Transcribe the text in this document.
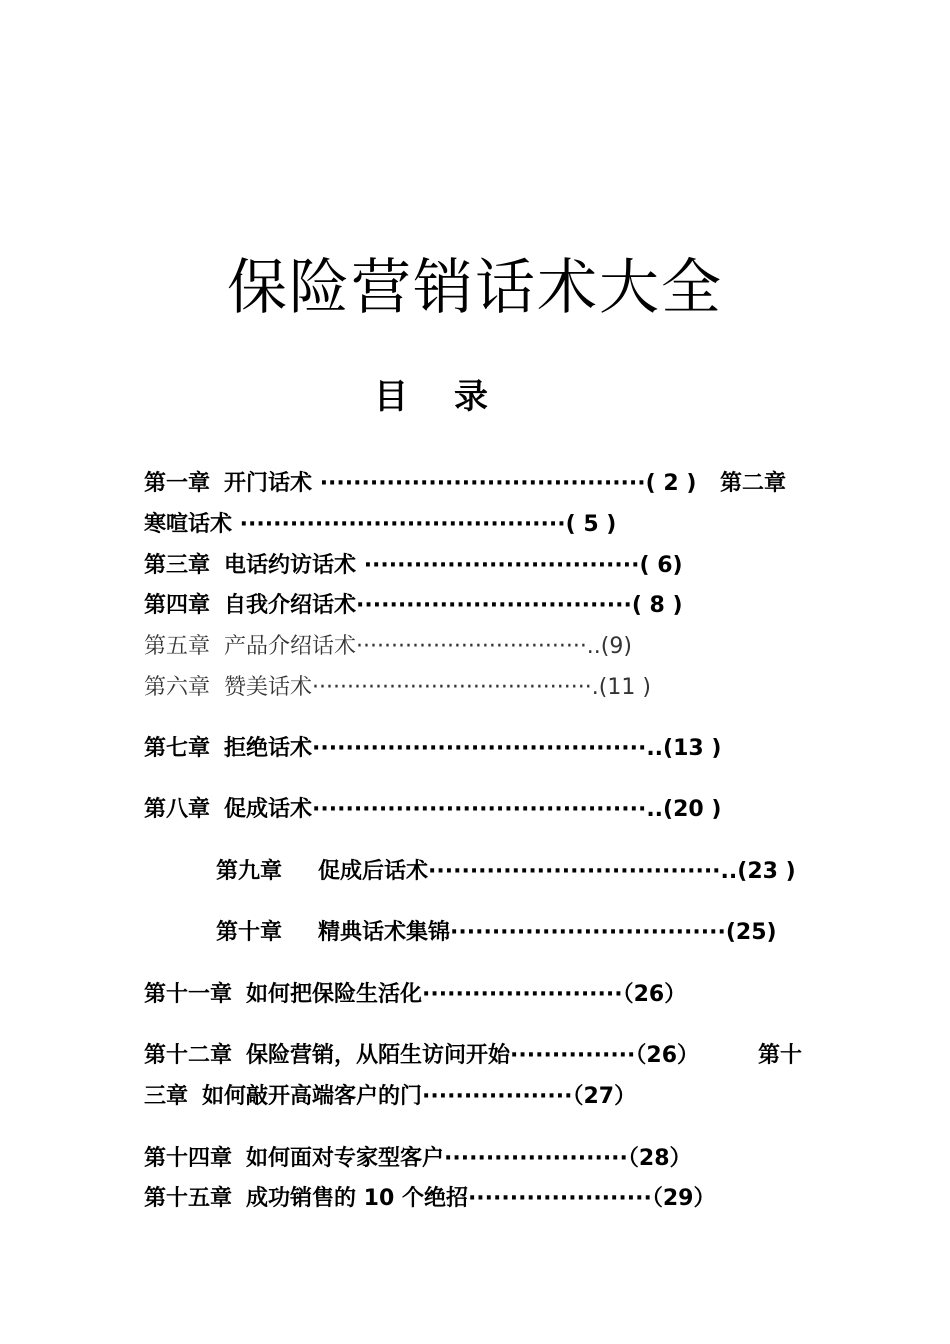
保险营销话术大全
目 录
第一章 开门话术 ·······································( 2 ) 第二章
寒喧话术 ·······································( 5 )
第三章 电话约访话术 ·································( 6)
第四章 自我介绍话术·································( 8 )
第五章 产品介绍话术·································..(9)
第六章 赞美话术········································.(11 )
第七章 拒绝话术········································..(13 )
第八章 促成话术········································..(20 )
第九章 促成后话术···································..(23 )
第十章 精典话术集锦·································(25)
第十一章 如何把保险生活化························（26）
第十二章 保险营销，从陌生访问开始···············（26）	第十
三章 如何敲开高端客户的门··················（27）
第十四章 如何面对专家型客户······················（28）
第十五章 成功销售的 10 个绝招······················（29）
